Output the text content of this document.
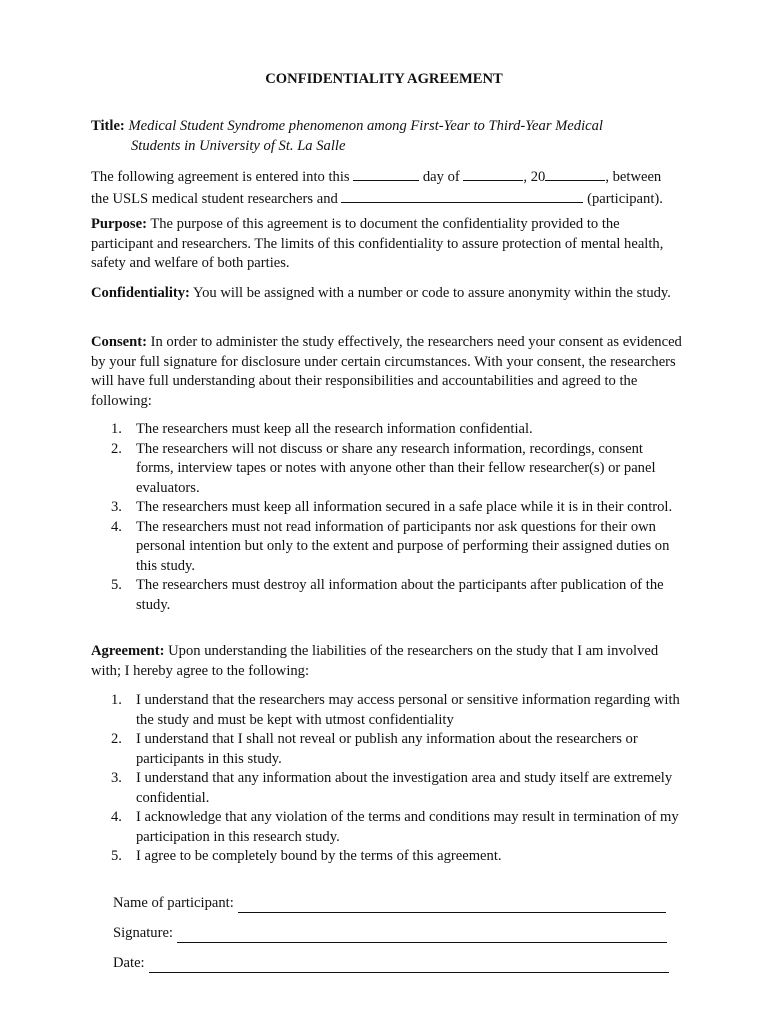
CONFIDENTIALITY AGREEMENT
Title: Medical Student Syndrome phenomenon among First-Year to Third-Year Medical
Students in University of St. La Salle
The following agreement is entered into this	day of	, 20	, between
the USLS medical student researchers and	(participant).
Purpose: The purpose of this agreement is to document the confidentiality provided to the participant and researchers. The limits of this confidentiality to assure protection of mental health, safety and welfare of both parties.
Confidentiality: You will be assigned with a number or code to assure anonymity within the study.
Consent: In order to administer the study effectively, the researchers need your consent as evidenced by your full signature for disclosure under certain circumstances. With your consent, the researchers will have full understanding about their responsibilities and accountabilities and agreed to the following:
1. The researchers must keep all the research information confidential.
2. The researchers will not discuss or share any research information, recordings, consent forms, interview tapes or notes with anyone other than their fellow researcher(s) or panel evaluators.
3. The researchers must keep all information secured in a safe place while it is in their control.
4. The researchers must not read information of participants nor ask questions for their own personal intention but only to the extent and purpose of performing their assigned duties on this study.
5. The researchers must destroy all information about the participants after publication of the study.
Agreement: Upon understanding the liabilities of the researchers on the study that I am involved with; I hereby agree to the following:
1. I understand that the researchers may access personal or sensitive information regarding with the study and must be kept with utmost confidentiality
2. I understand that I shall not reveal or publish any information about the researchers or participants in this study.
3. I understand that any information about the investigation area and study itself are extremely confidential.
4. I acknowledge that any violation of the terms and conditions may result in termination of my participation in this research study.
5. I agree to be completely bound by the terms of this agreement.
Name of participant:
Signature:
Date:
